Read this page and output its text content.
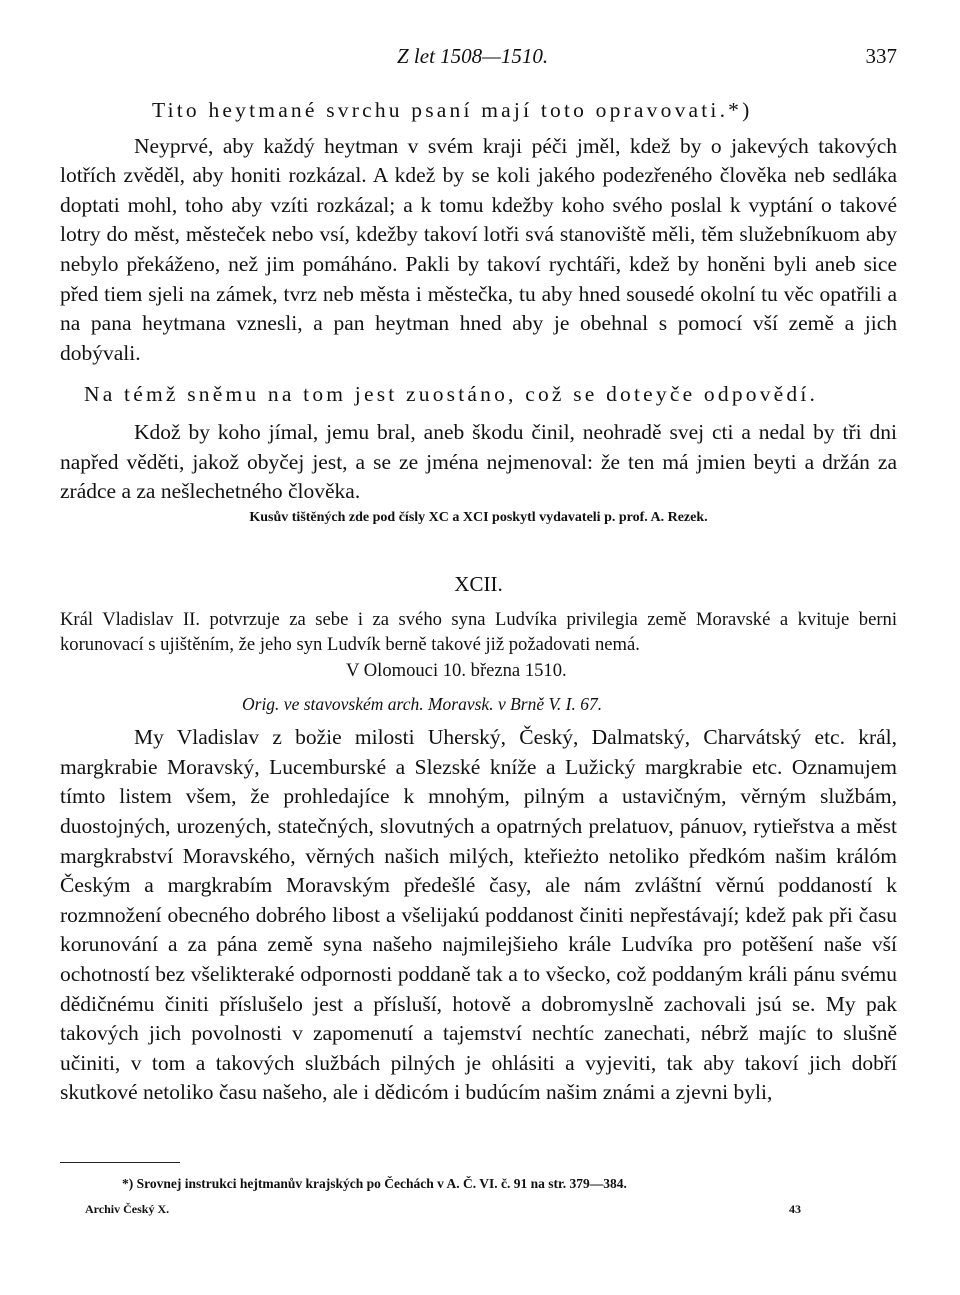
Z let 1508—1510.	337

Tito heytmané svrchu psaní mají toto opravovati.*)

Neyprvé, aby každý heytman v svém kraji péči jměl, kdež by o jakevých takových lotřích zvěděl, aby honiti rozkázal. A kdež by se koli jakého podezřeného člověka neb sedláka doptati mohl, toho aby vzíti rozkázal; a k tomu kdežby koho svého poslal k vyptání o takové lotry do měst, městeček nebo vsí, kdežby takoví lotři svá stanoviště měli, těm služebníkuom aby nebylo překáženo, než jim pomáháno. Pakli by takoví rychtáři, kdež by honěni byli aneb sice před tiem sjeli na zámek, tvrz neb města i městečka, tu aby hned sousedé okolní tu věc opatřili a na pana heytmana vznesli, a pan heytman hned aby je obehnal s pomocí vší země a jich dobývali.

Na témž sněmu na tom jest zuostáno, což se doteyče odpovědí.

Kdož by koho jímal, jemu bral, aneb škodu činil, neohradě svej cti a nedal by tři dni napřed věděti, jakož obyčej jest, a se ze jména nejmenoval: že ten má jmien beyti a držán za zrádce a za nešlechetného člověka.

Kusův tištěných zde pod čísly XC a XCI poskytl vydavateli p. prof. A. Rezek.

XCII.

Král Vladislav II. potvrzuje za sebe i za svého syna Ludvíka privilegia země Moravské a kvituje berni korunovací s ujištěním, že jeho syn Ludvík berně takové již požadovati nemá.

V Olomouci 10. března 1510.

Orig. ve stavovském arch. Moravsk. v Brně V. I. 67.

My Vladislav z božie milosti Uherský, Český, Dalmatský, Charvátský etc. král, margkrabie Moravský, Lucemburské a Slezské kníže a Lužický margkrabie etc. Oznamujem tímto listem všem, že prohledajíce k mnohým, pilným a ustavičným, věrným službám, duostojných, urozených, statečných, slovutných a opatrných prelatuov, pánuov, rytieřstva a měst margkrabství Moravského, věrných našich milých, kteřieżto netoliko předkóm našim králóm Českým a margkrabím Moravským předešlé časy, ale nám zvláštní věrnú poddaností k rozmnožení obecného dobrého libost a všelijakú poddanost činiti nepřestávají; kdež pak při času korunování a za pána země syna našeho najmilejšieho krále Ludvíka pro potěšení naše vší ochotností bez všelikteraké odpornosti poddaně tak a to všecko, což poddaným králi pánu svému dědičnému činiti příslušelo jest a přísluší, hotově a dobromyslně zachovali jsú se. My pak takových jich povolnosti v zapomenutí a tajemství nechtíc zanechati, nébrž majíc to slušně učiniti, v tom a takových službách pilných je ohlásiti a vyjeviti, tak aby takoví jich dobří skutkové netoliko času našeho, ale i dědicóm i budúcím našim známi a zjevni byli,

*) Srovnej instrukci hejtmanův krajských po Čechách v A. Č. VI. č. 91 na str. 379—384.

Archiv Český X.	43
